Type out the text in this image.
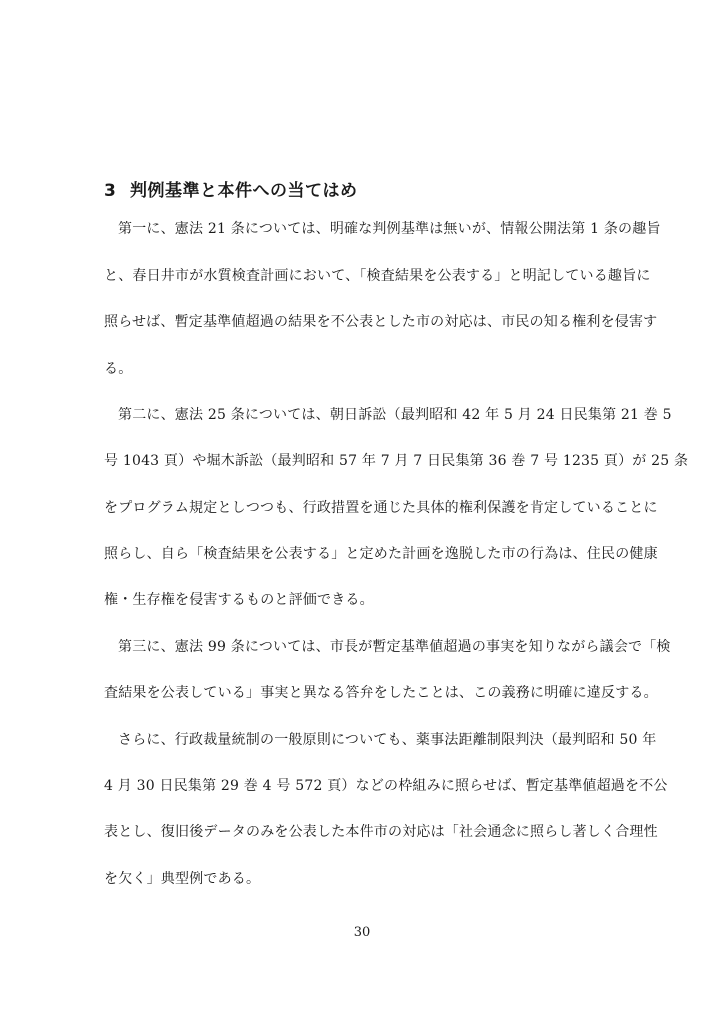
3 判例基準と本件への当てはめ
第一に、憲法 21 条については、明確な判例基準は無いが、情報公開法第 1 条の趣旨
と、春日井市が水質検査計画において、「検査結果を公表する」と明記している趣旨に
照らせば、暫定基準値超過の結果を不公表とした市の対応は、市民の知る権利を侵害す
る。
第二に、憲法 25 条については、朝日訴訟（最判昭和 42 年 5 月 24 日民集第 21 巻 5
号 1043 頁）や堀木訴訟（最判昭和 57 年 7 月 7 日民集第 36 巻 7 号 1235 頁）が 25 条
をプログラム規定としつつも、行政措置を通じた具体的権利保護を肯定していることに
照らし、自ら「検査結果を公表する」と定めた計画を逸脱した市の行為は、住民の健康
権・生存権を侵害するものと評価できる。
第三に、憲法 99 条については、市長が暫定基準値超過の事実を知りながら議会で「検
査結果を公表している」事実と異なる答弁をしたことは、この義務に明確に違反する。
さらに、行政裁量統制の一般原則についても、薬事法距離制限判決（最判昭和 50 年
4 月 30 日民集第 29 巻 4 号 572 頁）などの枠組みに照らせば、暫定基準値超過を不公
表とし、復旧後データのみを公表した本件市の対応は「社会通念に照らし著しく合理性
を欠く」典型例である。
30
